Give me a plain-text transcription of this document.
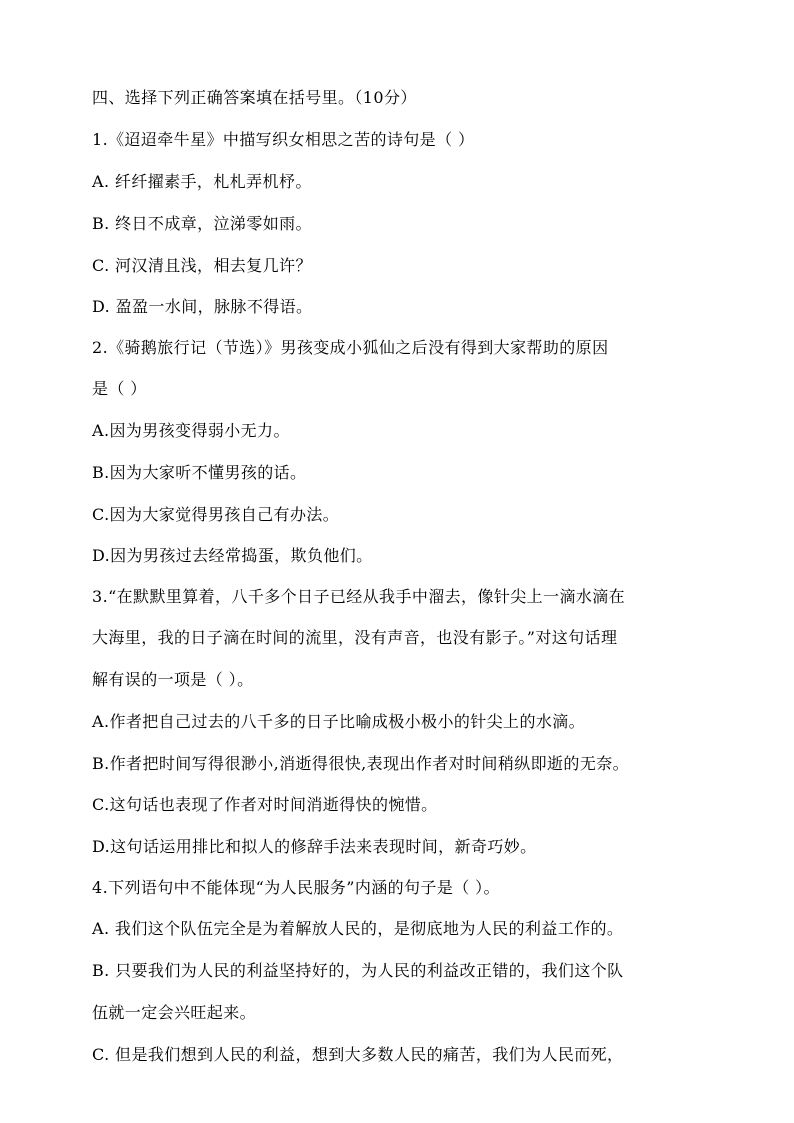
四、选择下列正确答案填在括号里。（10分）
1.《迢迢牵牛星》中描写织女相思之苦的诗句是（ ）
A. 纤纤擢素手，札札弄机杼。
B. 终日不成章，泣涕零如雨。
C. 河汉清且浅，相去复几许？
D. 盈盈一水间，脉脉不得语。
2.《骑鹅旅行记（节选）》男孩变成小狐仙之后没有得到大家帮助的原因
是（ ）
A.因为男孩变得弱小无力。
B.因为大家听不懂男孩的话。
C.因为大家觉得男孩自己有办法。
D.因为男孩过去经常捣蛋，欺负他们。
3.“在默默里算着，八千多个日子已经从我手中溜去，像针尖上一滴水滴在
大海里，我的日子滴在时间的流里，没有声音，也没有影子。”对这句话理
解有误的一项是（ ）。
A.作者把自己过去的八千多的日子比喻成极小极小的针尖上的水滴。
B.作者把时间写得很渺小,消逝得很快,表现出作者对时间稍纵即逝的无奈。
C.这句话也表现了作者对时间消逝得快的惋惜。
D.这句话运用排比和拟人的修辞手法来表现时间，新奇巧妙。
4.下列语句中不能体现“为人民服务”内涵的句子是（ ）。
A. 我们这个队伍完全是为着解放人民的，是彻底地为人民的利益工作的。
B. 只要我们为人民的利益坚持好的，为人民的利益改正错的，我们这个队
伍就一定会兴旺起来。
C. 但是我们想到人民的利益，想到大多数人民的痛苦，我们为人民而死，
